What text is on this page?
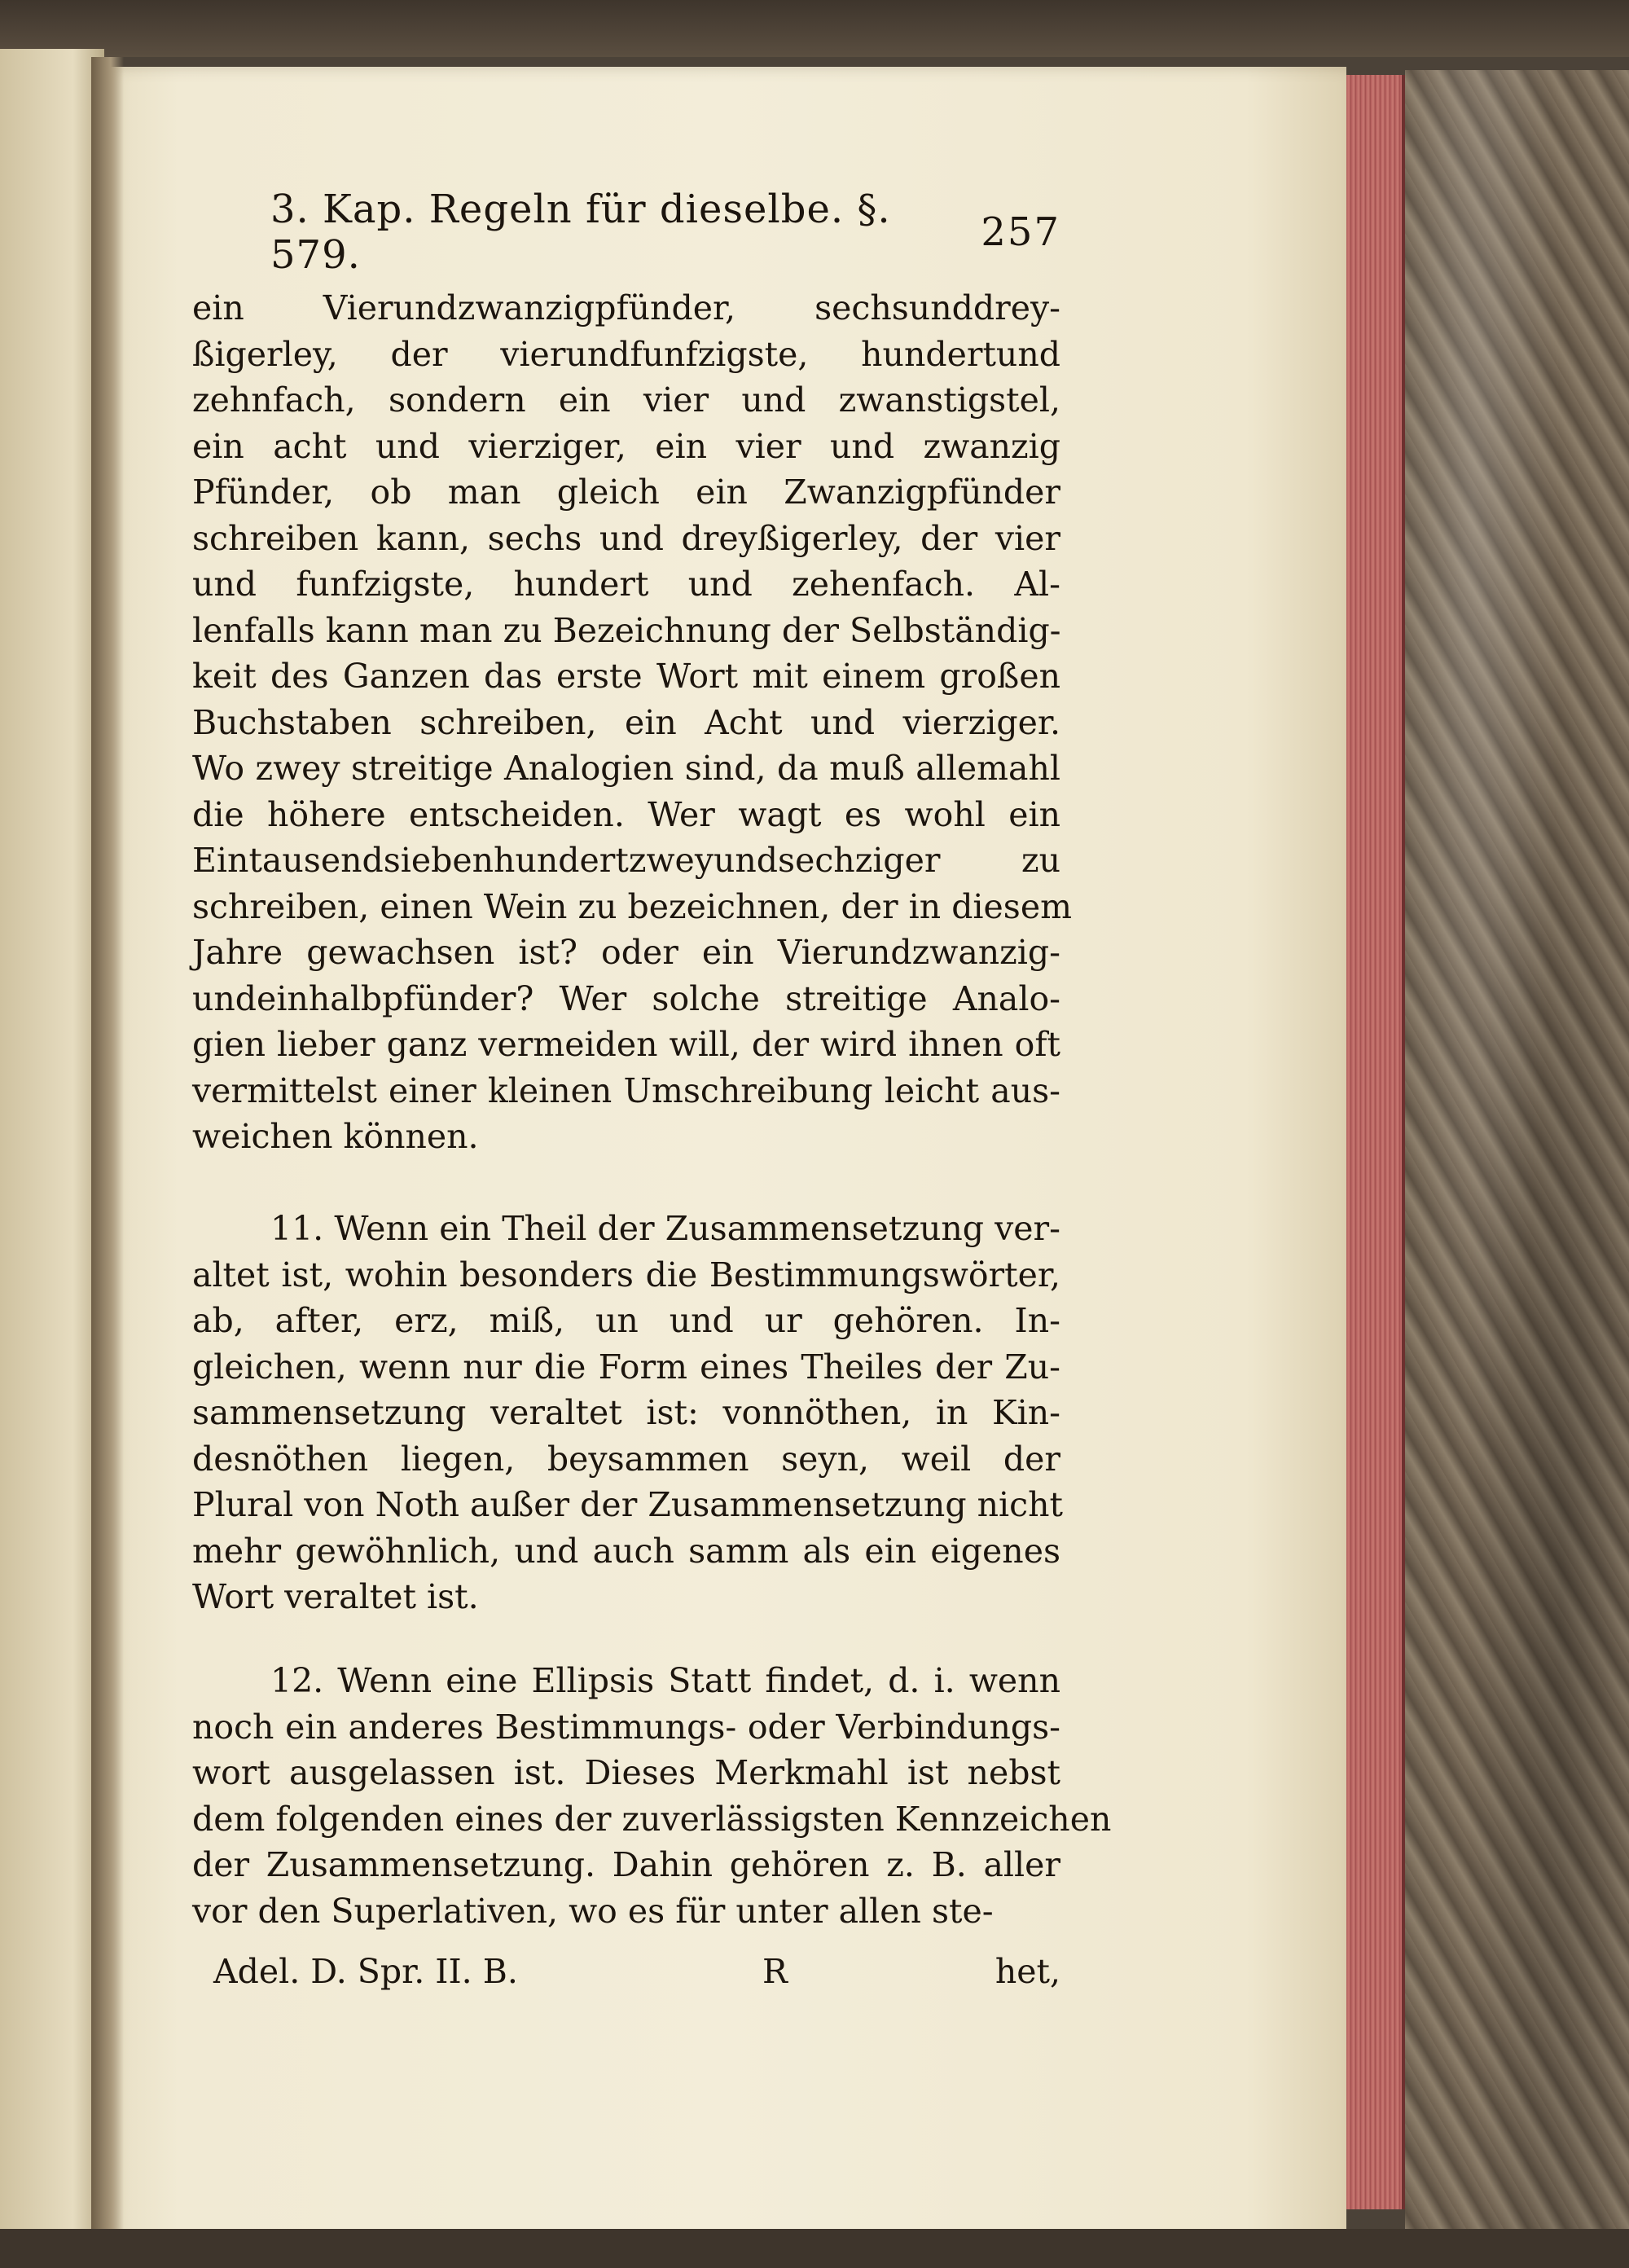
3. Kap. Regeln für dieselbe. §. 579.	257
ein Vierundzwanzigpfünder, sechsunddrey-
ßigerley, der vierundfunfzigste, hundertund
zehnfach, sondern ein vier und zwanstigstel,
ein acht und vierziger, ein vier und zwanzig
Pfünder, ob man gleich ein Zwanzigpfünder
schreiben kann, sechs und dreyßigerley, der vier
und funfzigste, hundert und zehenfach. Al-
lenfalls kann man zu Bezeichnung der Selbständig-
keit des Ganzen das erste Wort mit einem großen
Buchstaben schreiben, ein Acht und vierziger.
Wo zwey streitige Analogien sind, da muß allemahl
die höhere entscheiden. Wer wagt es wohl ein
Eintausendsiebenhundertzweyundsechziger zu
schreiben, einen Wein zu bezeichnen, der in diesem
Jahre gewachsen ist? oder ein Vierundzwanzig-
undeinhalbpfünder? Wer solche streitige Analo-
gien lieber ganz vermeiden will, der wird ihnen oft
vermittelst einer kleinen Umschreibung leicht aus-
weichen können.
11. Wenn ein Theil der Zusammensetzung ver-
altet ist, wohin besonders die Bestimmungswörter,
ab, after, erz, miß, un und ur gehören. In-
gleichen, wenn nur die Form eines Theiles der Zu-
sammensetzung veraltet ist: vonnöthen, in Kin-
desnöthen liegen, beysammen seyn, weil der
Plural von Noth außer der Zusammensetzung nicht
mehr gewöhnlich, und auch samm als ein eigenes
Wort veraltet ist.
12. Wenn eine Ellipsis Statt findet, d. i. wenn
noch ein anderes Bestimmungs- oder Verbindungs-
wort ausgelassen ist. Dieses Merkmahl ist nebst
dem folgenden eines der zuverlässigsten Kennzeichen
der Zusammensetzung. Dahin gehören z. B. aller
vor den Superlativen, wo es für unter allen ste-
Adel. D. Spr. II. B.	R	het,
